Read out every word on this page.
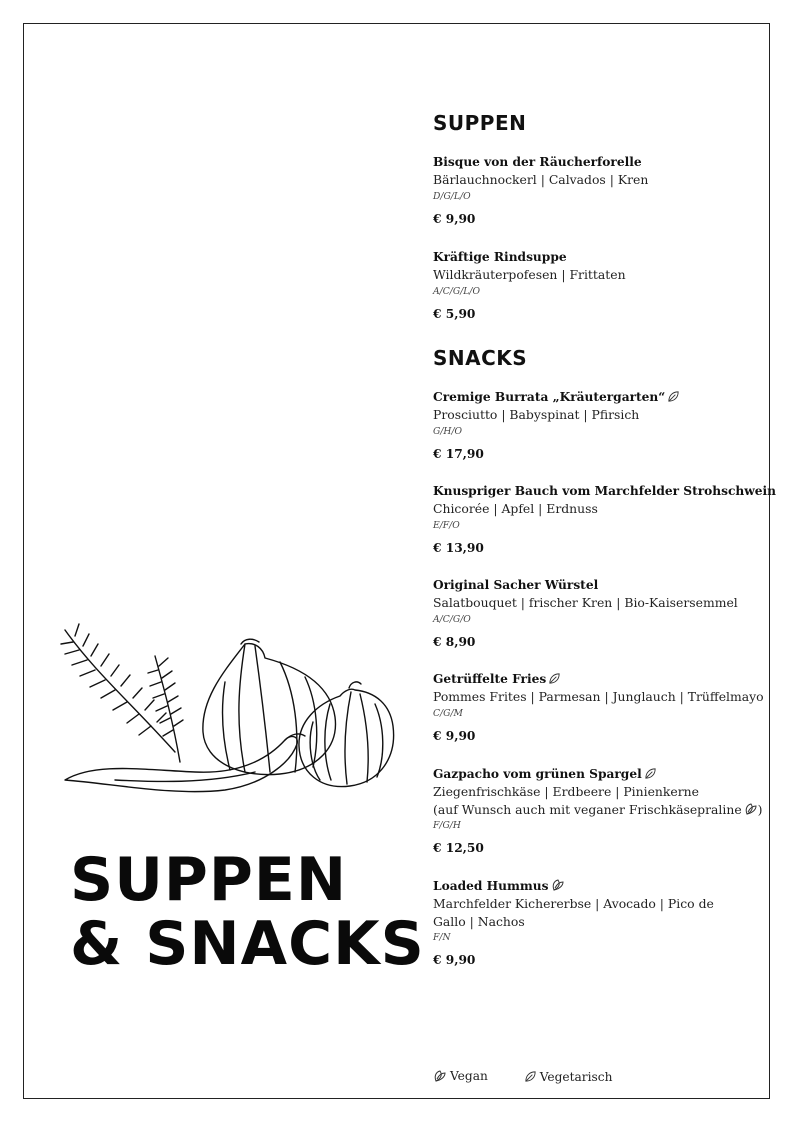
SUPPEN
& SNACKS
SUPPEN
Bisque von der Räucherforelle
Bärlauchnockerl | Calvados | Kren
D/G/L/O
€ 9,90
Kräftige Rindsuppe
Wildkräuterpofesen | Frittaten
A/C/G/L/O
€ 5,90
SNACKS
Cremige Burrata „Kräutergarten“
Prosciutto | Babyspinat | Pfirsich
G/H/O
€ 17,90
Knuspriger Bauch vom Marchfelder Strohschwein
Chicorée | Apfel | Erdnuss
E/F/O
€ 13,90
Original Sacher Würstel
Salatbouquet | frischer Kren | Bio-Kaisersemmel
A/C/G/O
€ 8,90
Getrüffelte Fries
Pommes Frites | Parmesan | Junglauch | Trüffelmayo
C/G/M
€ 9,90
Gazpacho vom grünen Spargel
Ziegenfrischkäse | Erdbeere | Pinienkerne
(auf Wunsch auch mit veganer Frischkäsepraline )
F/G/H
€ 12,50
Loaded Hummus
Marchfelder Kichererbse | Avocado | Pico de Gallo | Nachos
F/N
€ 9,90
Vegan
	Vegetarisch
